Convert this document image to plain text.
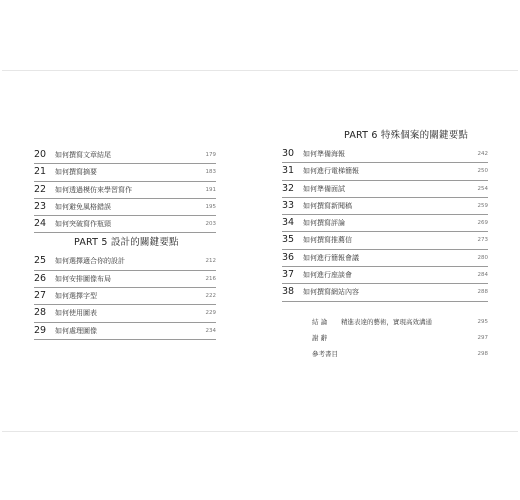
20	如何撰寫文章結尾	179
21	如何撰寫摘要	183
22	如何透過模仿來學習寫作	191
23	如何避免風格錯誤	195
24	如何突破寫作瓶頸	203
PART 5 設計的關鍵要點
25	如何選擇適合你的設計	212
26	如何安排圖像布局	216
27	如何選擇字型	222
28	如何使用圖表	229
29	如何處理圖像	234
PART 6 特殊個案的關鍵要點
30	如何準備海報	242
31	如何進行電梯簡報	250
32	如何準備面試	254
33	如何撰寫新聞稿	259
34	如何撰寫評論	269
35	如何撰寫推薦信	273
36	如何進行簡報會議	280
37	如何進行座談會	284
38	如何撰寫網站內容	288
結 論 精進表達的藝術，實現高效溝通	295
謝 辭	297
參考書目	298
